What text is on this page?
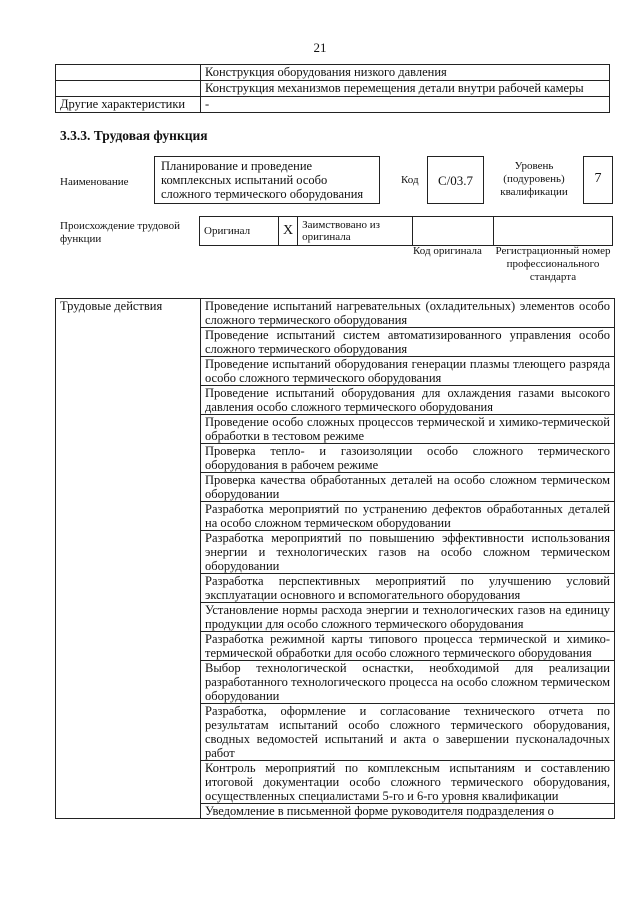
21
	Конструкция оборудования низкого давления
	Конструкция механизмов перемещения детали внутри рабочей камеры
Другие характеристики	-
3.3.3. Трудовая функция
Наименование
Планирование и проведение комплексных испытаний особо сложного термического оборудования
Код	C/03.7
Уровень (подуровень) квалификации
7
Происхождение трудовой функции
Оригинал	X	Заимствовано из оригинала		
Код оригинала	Регистрационный номер профессионального стандарта
Трудовые действия	Проведение испытаний нагревательных (охладительных) элементов особо сложного термического оборудования
Проведение испытаний систем автоматизированного управления особо сложного термического оборудования
Проведение испытаний оборудования генерации плазмы тлеющего разряда особо сложного термического оборудования
Проведение испытаний оборудования для охлаждения газами высокого давления особо сложного термического оборудования
Проведение особо сложных процессов термической и химико-термической обработки в тестовом режиме
Проверка тепло- и газоизоляции особо сложного термического оборудования в рабочем режиме
Проверка качества обработанных деталей на особо сложном термическом оборудовании
Разработка мероприятий по устранению дефектов обработанных деталей на особо сложном термическом оборудовании
Разработка мероприятий по повышению эффективности использования энергии и технологических газов на особо сложном термическом оборудовании
Разработка перспективных мероприятий по улучшению условий эксплуатации основного и вспомогательного оборудования
Установление нормы расхода энергии и технологических газов на единицу продукции для особо сложного термического оборудования
Разработка режимной карты типового процесса термической и химико-термической обработки для особо сложного термического оборудования
Выбор технологической оснастки, необходимой для реализации разработанного технологического процесса на особо сложном термическом оборудовании
Разработка, оформление и согласование технического отчета по результатам испытаний особо сложного термического оборудования, сводных ведомостей испытаний и акта о завершении пусконаладочных работ
Контроль мероприятий по комплексным испытаниям и составлению итоговой документации особо сложного термического оборудования, осуществленных специалистами 5-го и 6-го уровня квалификации
Уведомление в письменной форме руководителя подразделения о
